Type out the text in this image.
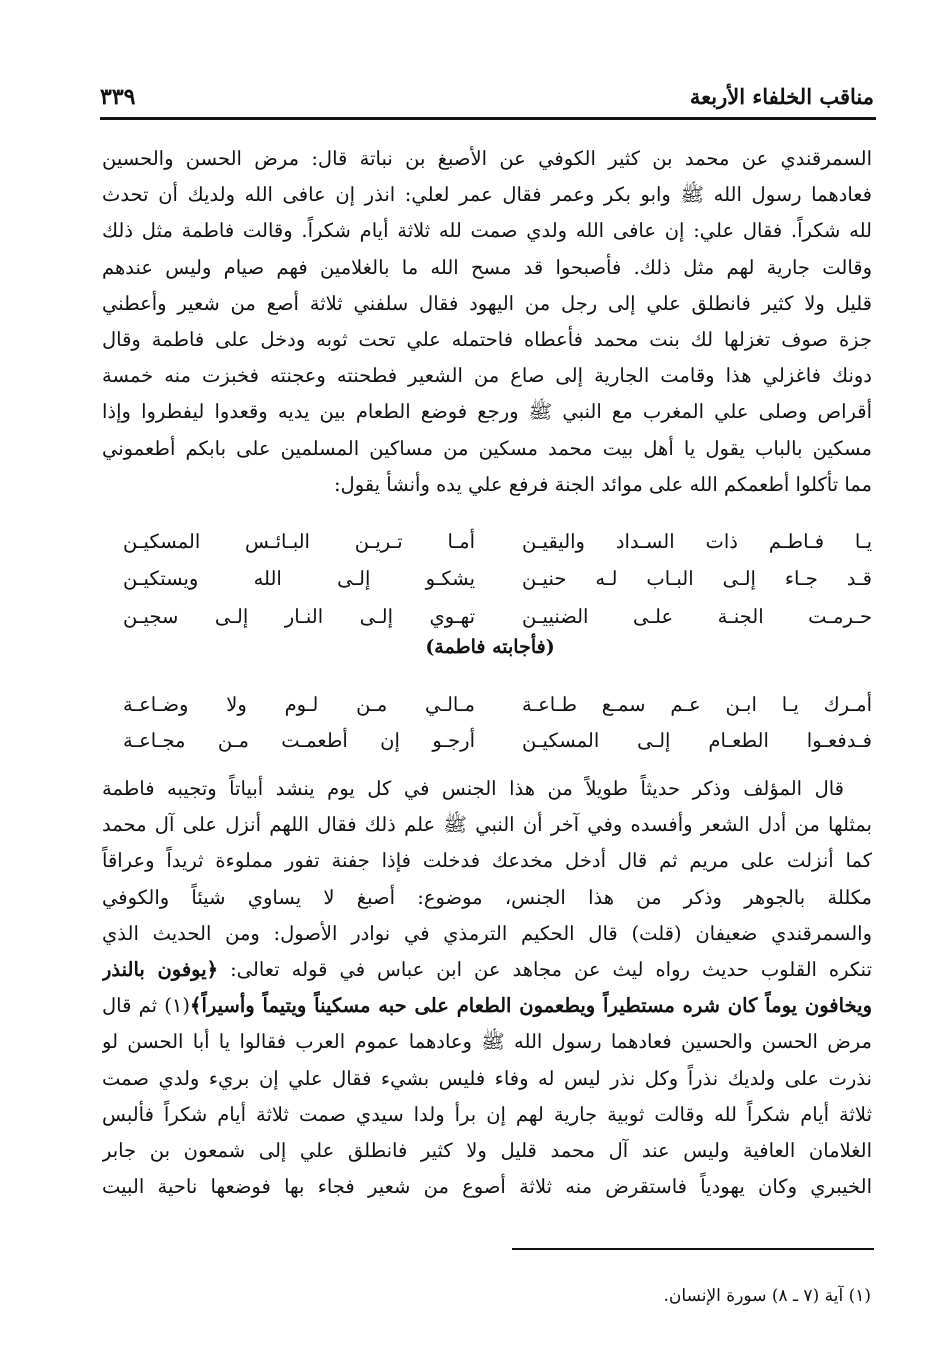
مناقب الخلفاء الأربعة
٣٣٩
السمرقندي عن محمد بن كثير الكوفي عن الأصبغ بن نباتة قال: مرض الحسن والحسين
فعادهما رسول الله ﷺ وابو بكر وعمر فقال عمر لعلي: انذر إن عافى الله ولديك أن تحدث
لله شكراً. فقال علي: إن عافى الله ولدي صمت لله ثلاثة أيام شكراً. وقالت فاطمة مثل ذلك
وقالت جارية لهم مثل ذلك. فأصبحوا قد مسح الله ما بالغلامين فهم صيام وليس عندهم
قليل ولا كثير فانطلق علي إلى رجل من اليهود فقال سلفني ثلاثة أصع من شعير وأعطني
جزة صوف تغزلها لك بنت محمد فأعطاه فاحتمله علي تحت ثوبه ودخل على فاطمة وقال
دونك فاغزلي هذا وقامت الجارية إلى صاع من الشعير فطحنته وعجنته فخبزت منه خمسة
أقراص وصلى علي المغرب مع النبي ﷺ ورجع فوضع الطعام بين يديه وقعدوا ليفطروا وإذا
مسكين بالباب يقول يا أهل بيت محمد مسكين من مساكين المسلمين على بابكم أطعموني
مما تأكلوا أطعمكم الله على موائد الجنة فرفع علي يده وأنشأ يقول:
يـا فـاطـم ذات السـداد واليقيـن
أمـا تـريـن البـائـس المسكيـن
قـد جـاء إلـى البـاب لـه حنيـن
يشكـو إلـى الله ويستكيـن
حـرمـت الجنـة علـى الضنييـن
تهـوي إلـى النـار إلـى سجيـن
(فأجابته فاطمة)
أمـرك يـا ابـن عـم سمـع طـاعـة
مـالـي مـن لـوم ولا وضـاعـة
فـدفعـوا الطعـام إلـى المسكيـن
أرجـو إن أطعمـت مـن مجـاعـة
قال المؤلف وذكر حديثاً طويلاً من هذا الجنس في كل يوم ينشد أبياتاً وتجيبه فاطمة
بمثلها من أدل الشعر وأفسده وفي آخر أن النبي ﷺ علم ذلك فقال اللهم أنزل على آل محمد
كما أنزلت على مريم ثم قال أدخل مخدعك فدخلت فإذا جفنة تفور مملوءة ثريداً وعراقاً
مكللة بالجوهر وذكر من هذا الجنس، موضوع: أصبغ لا يساوي شيئاً والكوفي
والسمرقندي ضعيفان (قلت) قال الحكيم الترمذي في نوادر الأصول: ومن الحديث الذي
تنكره القلوب حديث رواه ليث عن مجاهد عن ابن عباس في قوله تعالى: ﴿يوفون بالنذر
ويخافون يوماً كان شره مستطيراً ويطعمون الطعام على حبه مسكيناً ويتيماً وأسيراً﴾(١) ثم قال
مرض الحسن والحسين فعادهما رسول الله ﷺ وعادهما عموم العرب فقالوا يا أبا الحسن لو
نذرت على ولديك نذراً وكل نذر ليس له وفاء فليس بشيء فقال علي إن بريء ولدي صمت
ثلاثة أيام شكراً لله وقالت ثوبية جارية لهم إن برأ ولدا سيدي صمت ثلاثة أيام شكراً فألبس
الغلامان العافية وليس عند آل محمد قليل ولا كثير فانطلق علي إلى شمعون بن جابر
الخيبري وكان يهودياً فاستقرض منه ثلاثة أصوع من شعير فجاء بها فوضعها ناحية البيت
(١) آية (٧ ـ ٨) سورة الإنسان.
